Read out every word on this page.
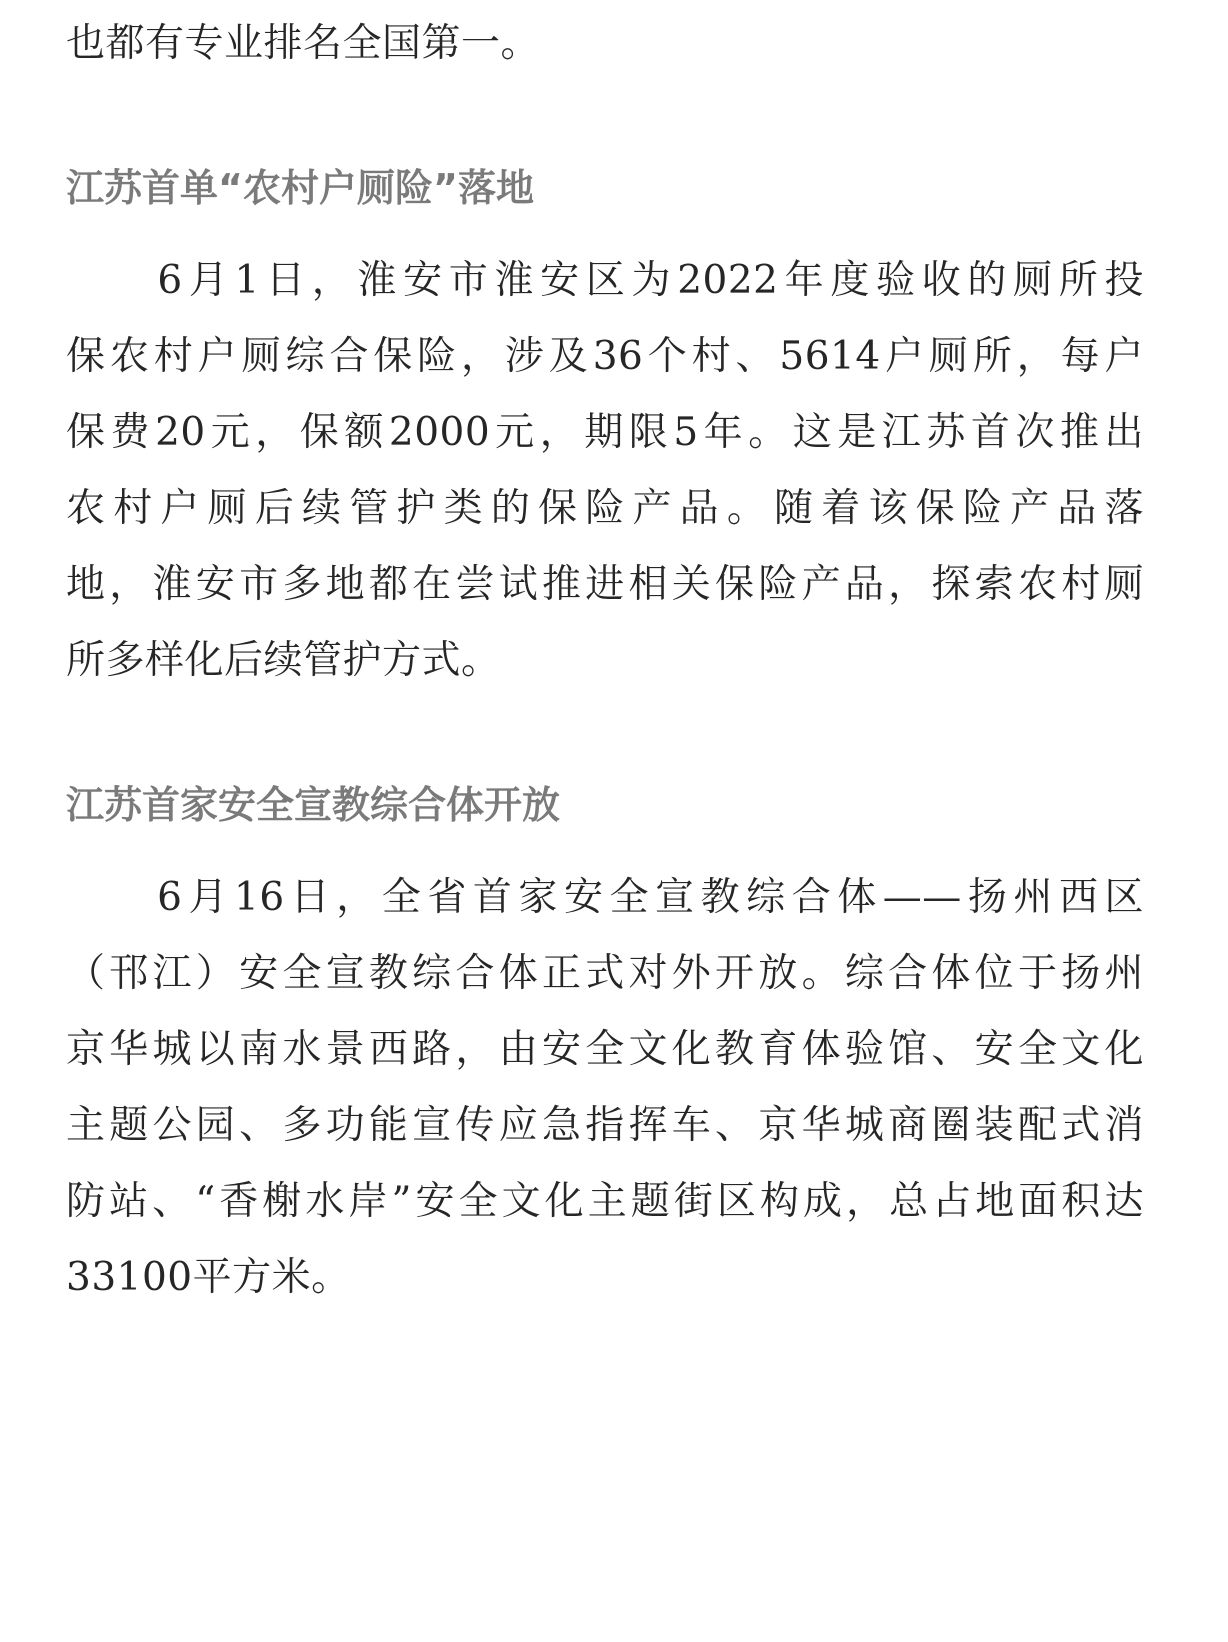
也都有专业排名全国第一。
江苏首单“农村户厕险”落地
　　6月1日，淮安市淮安区为2022年度验收的厕所投
保农村户厕综合保险，涉及36个村、5614户厕所，每户
保费20元，保额2000元，期限5年。这是江苏首次推出
农村户厕后续管护类的保险产品。随着该保险产品落
地，淮安市多地都在尝试推进相关保险产品，探索农村厕
所多样化后续管护方式。
江苏首家安全宣教综合体开放
　　6月16日，全省首家安全宣教综合体——扬州西区
（邗江）安全宣教综合体正式对外开放。综合体位于扬州
京华城以南水景西路，由安全文化教育体验馆、安全文化
主题公园、多功能宣传应急指挥车、京华城商圈装配式消
防站、“香榭水岸”安全文化主题街区构成，总占地面积达
33100平方米。
